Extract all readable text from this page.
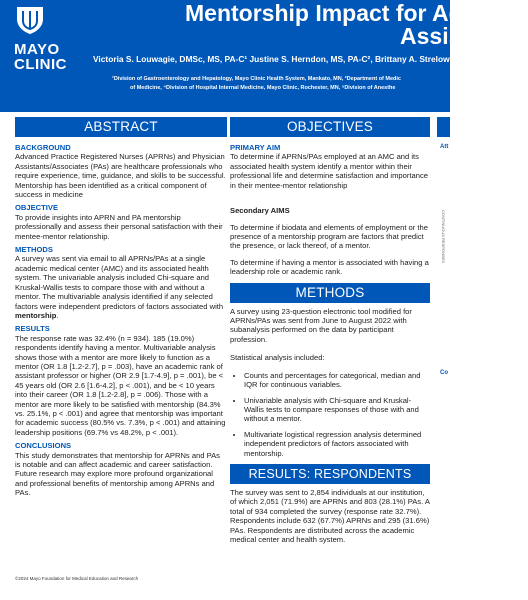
MAYO
CLINIC
Mentorship Impact for Advance
Assis
Victoria S. Louwagie, DMSc, MS, PA-C¹ Justine S. Herndon, MS, PA-C², Brittany A. Strelow
¹Division of Gastroenterology and Hepatology, Mayo Clinic Health System, Mankato, MN, ²Department of Medic
of Medicine, ⁴Division of Hospital Internal Medicine, Mayo Clinic, Rochester, MN, ⁵Division of Anesthe
ABSTRACT

BACKGROUND

Advanced Practice Registered Nurses (APRNs) and Physician Assistants/Associates (PAs) are healthcare professionals who require experience, time, guidance, and skills to be successful. Mentorship has been identified as a critical component of success in medicine

OBJECTIVE

To provide insights into APRN and PA mentorship professionally and assess their personal satisfaction with their mentee-mentor relationship.

METHODS

A survey was sent via email to all APRNs/PAs at a single academic medical center (AMC) and its associated health system. The univariable analysis included Chi-square and Kruskal-Wallis tests to compare those with and without a mentor. The multivariable analysis identified if any selected factors were independent predictors of factors associated with mentorship.

RESULTS

The response rate was 32.4% (n = 934). 185 (19.0%) respondents identify having a mentor. Multivariable analysis shows those with a mentor are more likely to function as a mentor (OR 1.8 [1.2-2.7], p = .003), have an academic rank of assistant professor or higher (OR 2.9 [1.7-4.9], p = .001), be < 45 years old (OR 2.6 [1.6-4.2], p < .001), and be < 10 years into their career (OR 1.8 [1.2-2.8], p = .006). Those with a mentor are more likely to be satisfied with mentorship (84.3% vs. 25.1%, p < .001) and agree that mentorship was important for academic success (80.5% vs. 7.3%, p < .001) and attaining leadership positions (69.7% vs 48.2%, p < .001).

CONCLUSIONS

This study demonstrates that mentorship for APRNs and PAs is notable and can affect academic and career satisfaction. Future research may explore more profound organizational and professional benefits of mentorship among APRNs and PAs.

OBJECTIVES

PRIMARY AIM

To determine if APRNs/PAs employed at an AMC and its associated health system identify a mentor within their professional life and determine satisfaction and importance in their mentee-mentor relationship

Secondary AIMS

To determine if biodata and elements of employment or the presence of a mentorship program are factors that predict the presence, or lack thereof, of a mentor.

To determine if having a mentor is associated with having a leadership role or academic rank.

METHODS

A survey using 23-question electronic tool modified for APRNs/PAs was sent from June to August 2022 with subanalysis performed on the data by participant profession.

Statistical analysis included:

• Counts and percentages for categorical, median and IQR for continuous variables.
• Univariable analysis with Chi-square and Kruskal-Wallis tests to compare responses of those with and without a mentor.
• Multivariate logistical regression analysis determined independent predictors of factors associated with mentorship.
RESULTS: RESPONDENTS

The survey was sent to 2,854 individuals at our institution, of which 2,051 (71.9%) are APRNs and 803 (28.1%) PAs. A total of 934 completed the survey (response rate 32.7%). Respondents include 632 (67.7%) APRNs and 295 (31.6%) PAs. Respondents are distributed across the academic medical center and health system.

Att
CONTINUOUS RESPONSES
Co
©2024 Mayo Foundation for Medical Education and Research
